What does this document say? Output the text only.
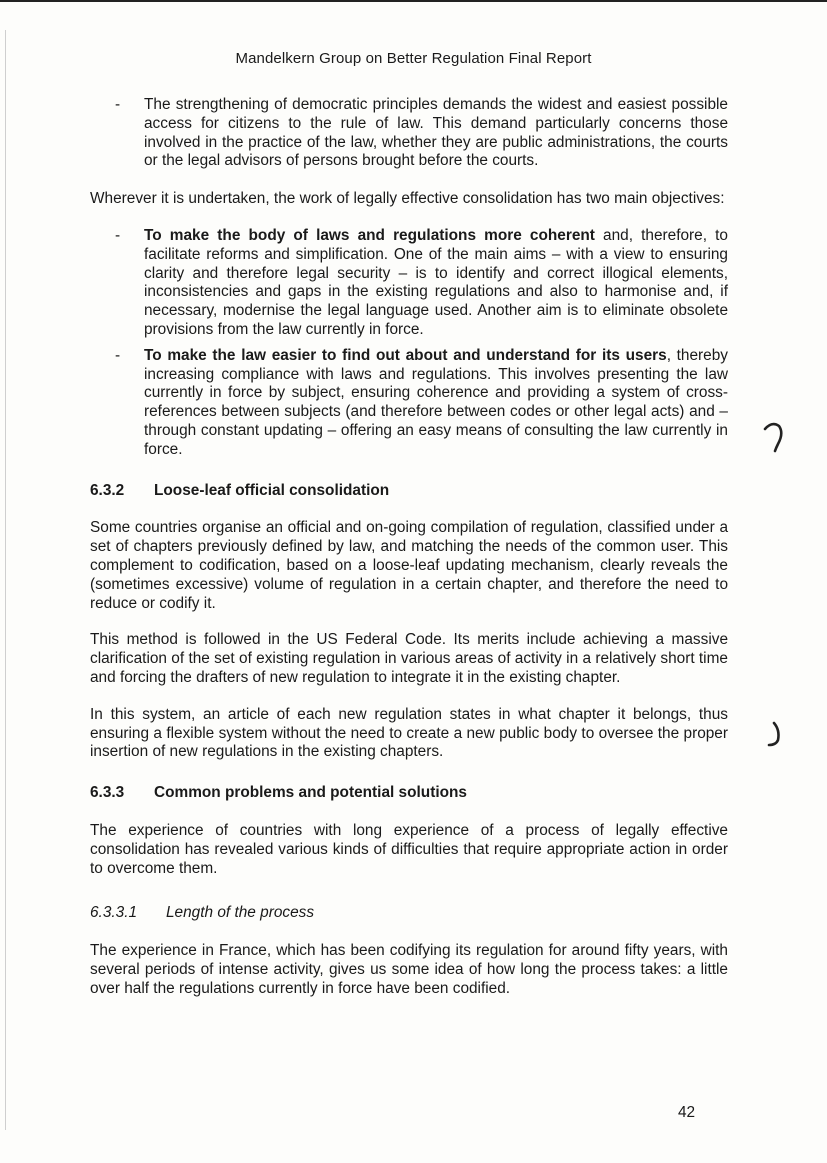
Mandelkern Group on Better Regulation Final Report
- The strengthening of democratic principles demands the widest and easiest possible access for citizens to the rule of law. This demand particularly concerns those involved in the practice of the law, whether they are public administrations, the courts or the legal advisors of persons brought before the courts.

Wherever it is undertaken, the work of legally effective consolidation has two main objectives:

- To make the body of laws and regulations more coherent and, therefore, to facilitate reforms and simplification. One of the main aims – with a view to ensuring clarity and therefore legal security – is to identify and correct illogical elements, inconsistencies and gaps in the existing regulations and also to harmonise and, if necessary, modernise the legal language used. Another aim is to eliminate obsolete provisions from the law currently in force.
- To make the law easier to find out about and understand for its users, thereby increasing compliance with laws and regulations. This involves presenting the law currently in force by subject, ensuring coherence and providing a system of cross-references between subjects (and therefore between codes or other legal acts) and – through constant updating – offering an easy means of consulting the law currently in force.
6.3.2	Loose-leaf official consolidation

Some countries organise an official and on-going compilation of regulation, classified under a set of chapters previously defined by law, and matching the needs of the common user. This complement to codification, based on a loose-leaf updating mechanism, clearly reveals the (sometimes excessive) volume of regulation in a certain chapter, and therefore the need to reduce or codify it.

This method is followed in the US Federal Code. Its merits include achieving a massive clarification of the set of existing regulation in various areas of activity in a relatively short time and forcing the drafters of new regulation to integrate it in the existing chapter.

In this system, an article of each new regulation states in what chapter it belongs, thus ensuring a flexible system without the need to create a new public body to oversee the proper insertion of new regulations in the existing chapters.

6.3.3	Common problems and potential solutions

The experience of countries with long experience of a process of legally effective consolidation has revealed various kinds of difficulties that require appropriate action in order to overcome them.

6.3.3.1	Length of the process

The experience in France, which has been codifying its regulation for around fifty years, with several periods of intense activity, gives us some idea of how long the process takes: a little over half the regulations currently in force have been codified.

42
